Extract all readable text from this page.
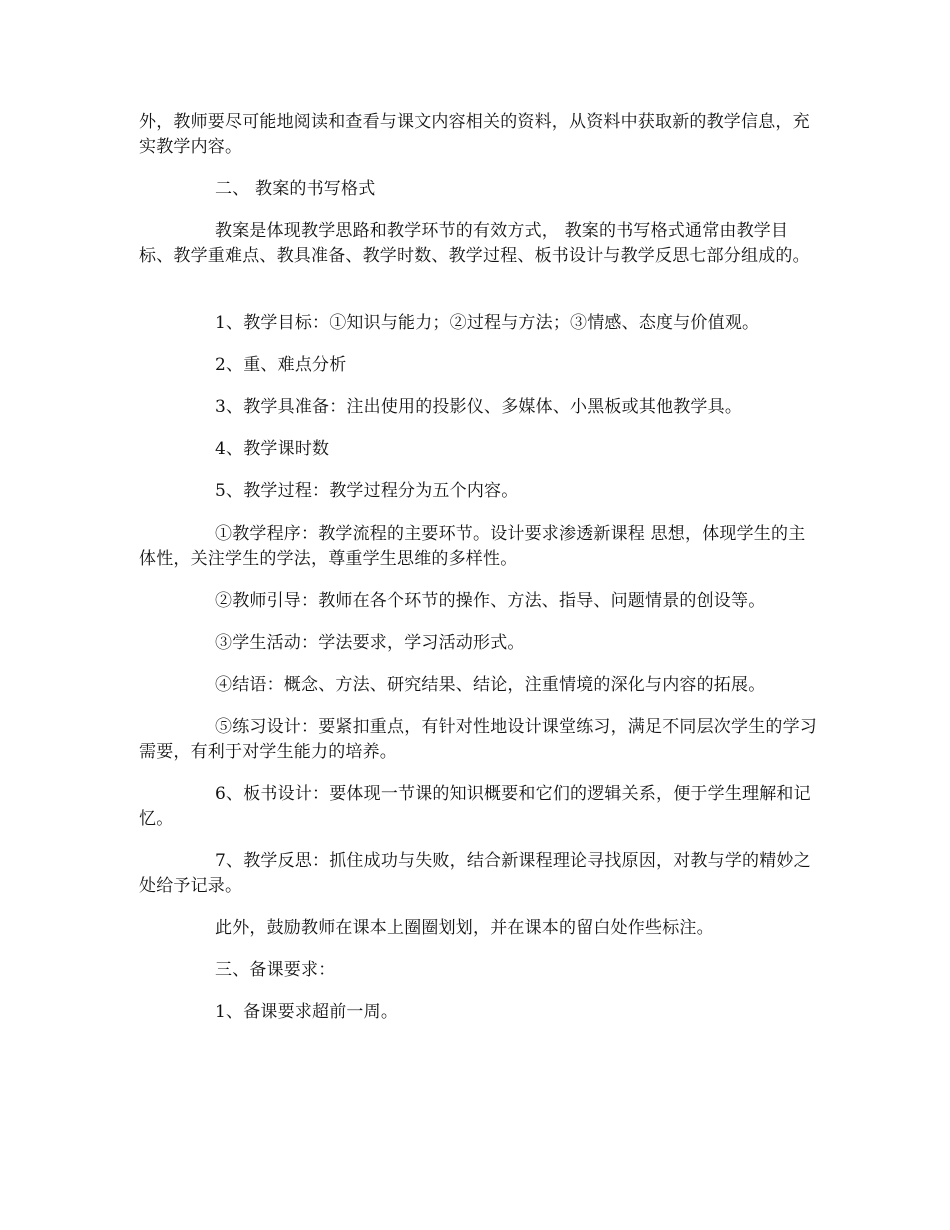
外，教师要尽可能地阅读和查看与课文内容相关的资料，从资料中获取新的教学信息，充实教学内容。

二、 教案的书写格式

教案是体现教学思路和教学环节的有效方式， 教案的书写格式通常由教学目标、教学重难点、教具准备、教学时数、教学过程、板书设计与教学反思七部分组成的。

1、教学目标：①知识与能力；②过程与方法；③情感、态度与价值观。

2、重、难点分析

3、教学具准备：注出使用的投影仪、多媒体、小黑板或其他教学具。

4、教学课时数

5、教学过程：教学过程分为五个内容。

①教学程序：教学流程的主要环节。设计要求渗透新课程 思想，体现学生的主体性，关注学生的学法，尊重学生思维的多样性。

②教师引导：教师在各个环节的操作、方法、指导、问题情景的创设等。

③学生活动：学法要求，学习活动形式。

④结语：概念、方法、研究结果、结论，注重情境的深化与内容的拓展。

⑤练习设计：要紧扣重点，有针对性地设计课堂练习，满足不同层次学生的学习需要，有利于对学生能力的培养。

6、板书设计：要体现一节课的知识概要和它们的逻辑关系，便于学生理解和记忆。

7、教学反思：抓住成功与失败，结合新课程理论寻找原因，对教与学的精妙之处给予记录。

此外，鼓励教师在课本上圈圈划划，并在课本的留白处作些标注。

三、备课要求：

1、备课要求超前一周。
